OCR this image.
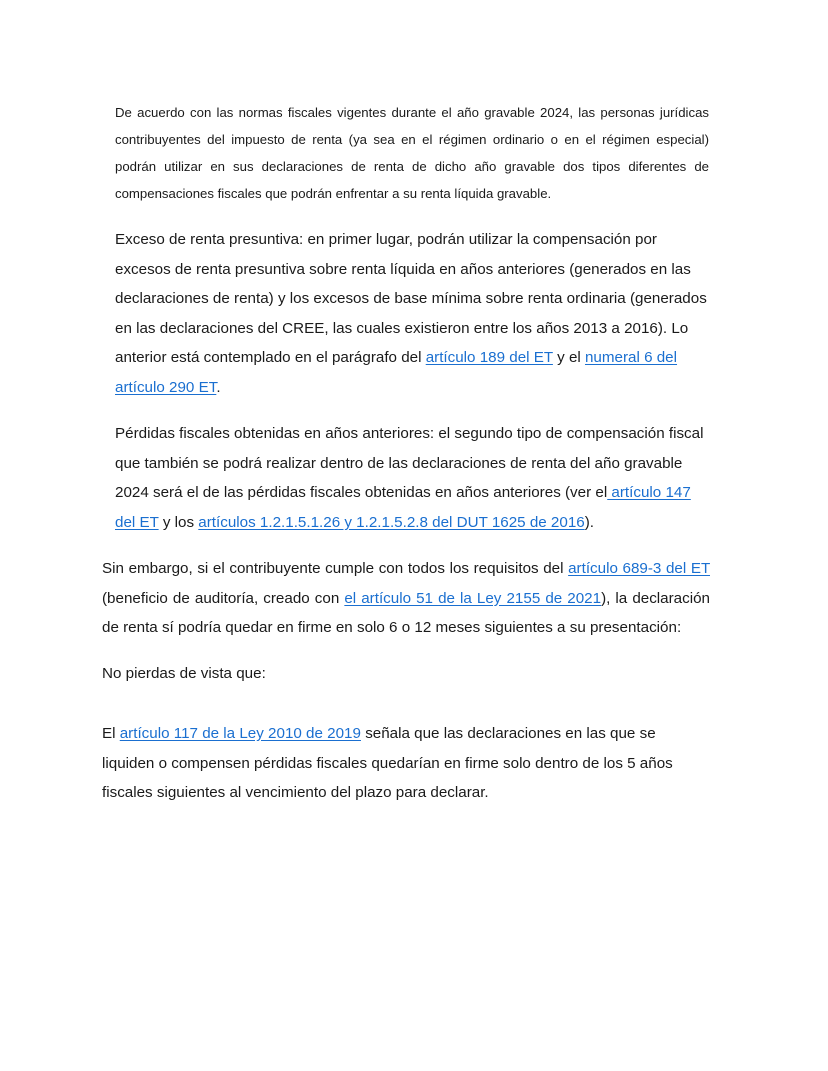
De acuerdo con las normas fiscales vigentes durante el año gravable 2024, las personas jurídicas contribuyentes del impuesto de renta (ya sea en el régimen ordinario o en el régimen especial) podrán utilizar en sus declaraciones de renta de dicho año gravable dos tipos diferentes de compensaciones fiscales que podrán enfrentar a su renta líquida gravable.

Exceso de renta presuntiva: en primer lugar, podrán utilizar la compensación por excesos de renta presuntiva sobre renta líquida en años anteriores (generados en las declaraciones de renta) y los excesos de base mínima sobre renta ordinaria (generados en las declaraciones del CREE, las cuales existieron entre los años 2013 a 2016). Lo anterior está contemplado en el parágrafo del artículo 189 del ET y el numeral 6 del artículo 290 ET.

Pérdidas fiscales obtenidas en años anteriores: el segundo tipo de compensación fiscal que también se podrá realizar dentro de las declaraciones de renta del año gravable 2024 será el de las pérdidas fiscales obtenidas en años anteriores (ver el artículo 147 del ET y los artículos 1.2.1.5.1.26 y 1.2.1.5.2.8 del DUT 1625 de 2016).

Sin embargo, si el contribuyente cumple con todos los requisitos del artículo 689-3 del ET (beneficio de auditoría, creado con el artículo 51 de la Ley 2155 de 2021), la declaración de renta sí podría quedar en firme en solo 6 o 12 meses siguientes a su presentación:

No pierdas de vista que:

El artículo 117 de la Ley 2010 de 2019 señala que las declaraciones en las que se liquiden o compensen pérdidas fiscales quedarían en firme solo dentro de los 5 años fiscales siguientes al vencimiento del plazo para declarar.
